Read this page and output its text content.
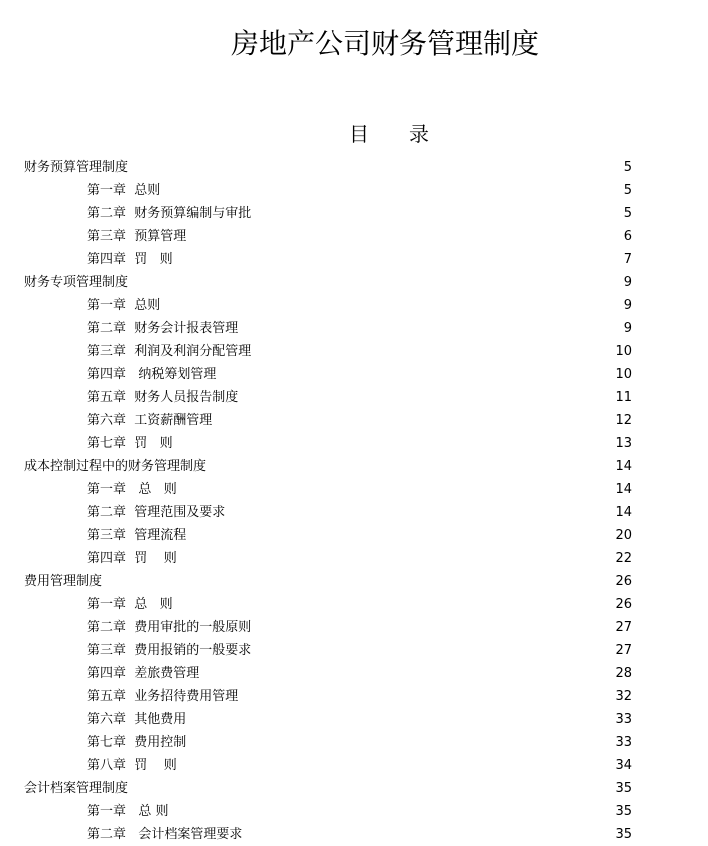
房地产公司财务管理制度
目 录
财务预算管理制度	5
第一章  总则	5
第二章  财务预算编制与审批	5
第三章  预算管理	6
第四章  罚   则	7
财务专项管理制度	9
第一章  总则	9
第二章  财务会计报表管理	9
第三章  利润及利润分配管理	10
第四章   纳税筹划管理	10
第五章  财务人员报告制度	11
第六章  工资薪酬管理	12
第七章  罚   则	13
成本控制过程中的财务管理制度	14
第一章   总   则	14
第二章  管理范围及要求	14
第三章  管理流程	20
第四章  罚    则	22
费用管理制度	26
第一章  总   则	26
第二章  费用审批的一般原则	27
第三章  费用报销的一般要求	27
第四章  差旅费管理	28
第五章  业务招待费用管理	32
第六章  其他费用	33
第七章  费用控制	33
第八章  罚    则	34
会计档案管理制度	35
第一章   总 则	35
第二章   会计档案管理要求	35
